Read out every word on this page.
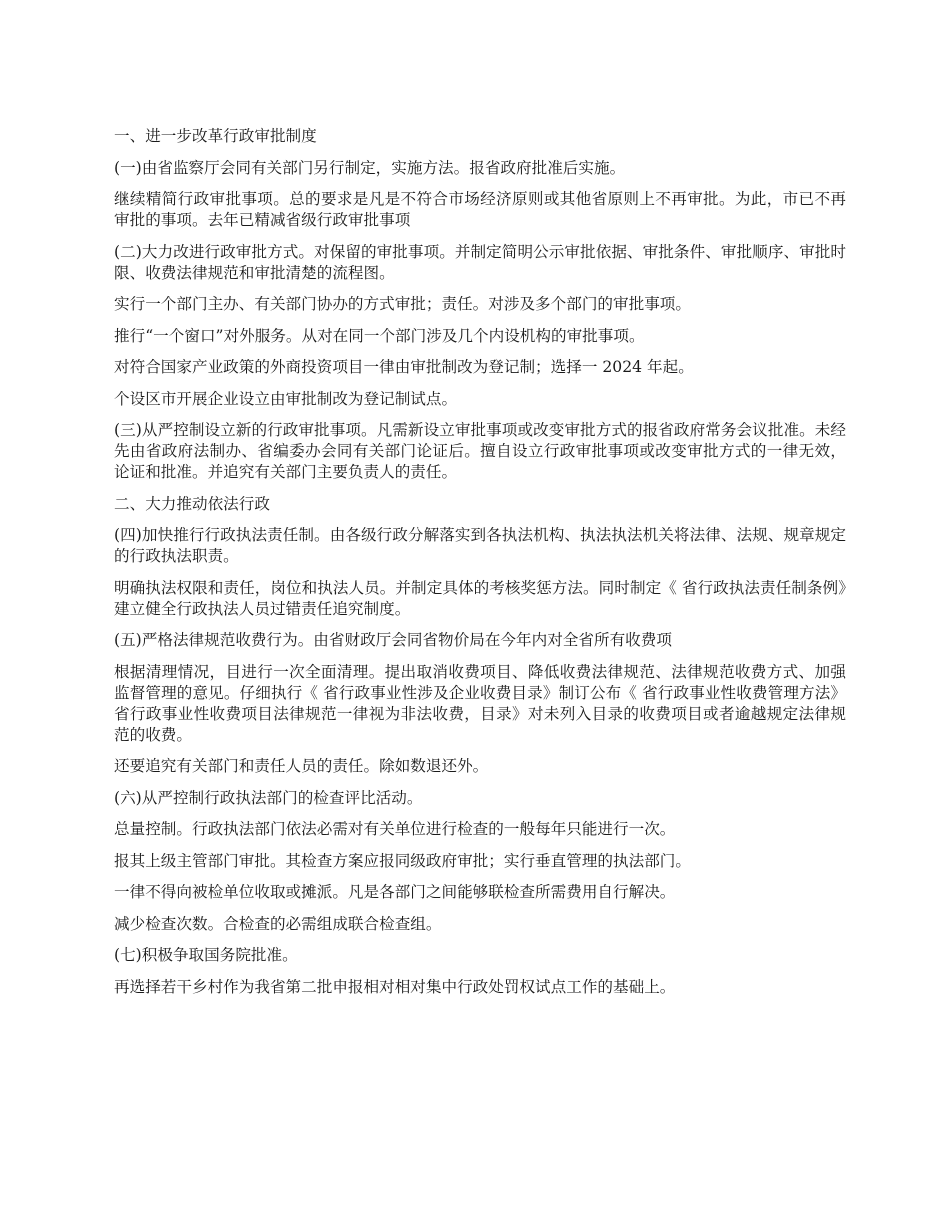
一、进一步改革行政审批制度

(一)由省监察厅会同有关部门另行制定，实施方法。报省政府批准后实施。

继续精简行政审批事项。总的要求是凡是不符合市场经济原则或其他省原则上不再审批。为此，市已不再审批的事项。去年已精减省级行政审批事项

(二)大力改进行政审批方式。对保留的审批事项。并制定简明公示审批依据、审批条件、审批顺序、审批时限、收费法律规范和审批清楚的流程图。

实行一个部门主办、有关部门协办的方式审批；责任。对涉及多个部门的审批事项。

推行“一个窗口”对外服务。从对在同一个部门涉及几个内设机构的审批事项。

对符合国家产业政策的外商投资项目一律由审批制改为登记制；选择一 2024 年起。

个设区市开展企业设立由审批制改为登记制试点。

(三)从严控制设立新的行政审批事项。凡需新设立审批事项或改变审批方式的报省政府常务会议批准。未经先由省政府法制办、省编委办会同有关部门论证后。擅自设立行政审批事项或改变审批方式的一律无效，论证和批准。并追究有关部门主要负责人的责任。

二、大力推动依法行政

(四)加快推行行政执法责任制。由各级行政分解落实到各执法机构、执法执法机关将法律、法规、规章规定的行政执法职责。

明确执法权限和责任，岗位和执法人员。并制定具体的考核奖惩方法。同时制定《 省行政执法责任制条例》建立健全行政执法人员过错责任追究制度。

(五)严格法律规范收费行为。由省财政厅会同省物价局在今年内对全省所有收费项

根据清理情况，目进行一次全面清理。提出取消收费项目、降低收费法律规范、法律规范收费方式、加强监督管理的意见。仔细执行《 省行政事业性涉及企业收费目录》制订公布《 省行政事业性收费管理方法》 省行政事业性收费项目法律规范一律视为非法收费，目录》对未列入目录的收费项目或者逾越规定法律规范的收费。

还要追究有关部门和责任人员的责任。除如数退还外。

(六)从严控制行政执法部门的检查评比活动。

总量控制。行政执法部门依法必需对有关单位进行检查的一般每年只能进行一次。

报其上级主管部门审批。其检查方案应报同级政府审批；实行垂直管理的执法部门。

一律不得向被检单位收取或摊派。凡是各部门之间能够联检查所需费用自行解决。

减少检查次数。合检查的必需组成联合检查组。

(七)积极争取国务院批准。

再选择若干乡村作为我省第二批申报相对相对集中行政处罚权试点工作的基础上。
